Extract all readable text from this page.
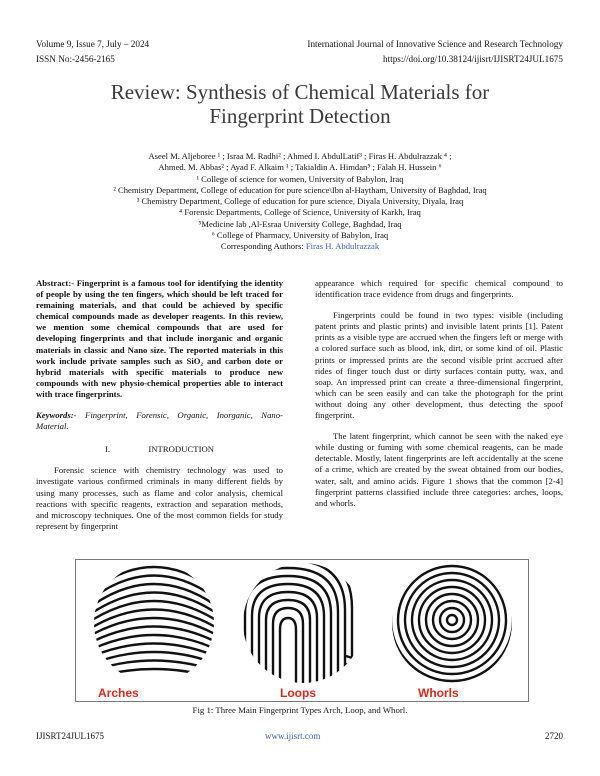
Volume 9, Issue 7, July – 2024	International Journal of Innovative Science and Research Technology
ISSN No:-2456-2165	https://doi.org/10.38124/ijisrt/IJISRT24JUL1675
Review: Synthesis of Chemical Materials for
Fingerprint Detection
Aseel M. Aljeboree ¹ ; Israa M. Radhi² ; Ahmed I. AbdulLatif³ ; Firas H. Abdulrazzak ⁴ ;
Ahmed. M. Abbas² ; Ayad F. Alkaim ¹ ; Takialdin A. Himdan⁵ ; Falah H. Hussein ⁶
¹ College of science for women, University of Babylon, Iraq
² Chemistry Department, College of education for pure science\Ibn al-Haytham, University of Baghdad, Iraq
³ Chemistry Department, College of education for pure science, Diyala University, Diyala, Iraq
⁴ Forensic Departments, College of Science, University of Karkh, Iraq
⁵Medicine lab ,Al-Esraa University College, Baghdad, Iraq
⁶ College of Pharmacy, University of Babylon, Iraq
Corresponding Authors: Firas H. Abdulrazzak

Abstract:- Fingerprint is a famous tool for identifying the identity of people by using the ten fingers, which should be left traced for remaining materials, and that could be achieved by specific chemical compounds made as developer reagents. In this review, we mention some chemical compounds that are used for developing fingerprints and that include inorganic and organic materials in classic and Nano size. The reported materials in this work include private samples such as SiO₂ and carbon dote or hybrid materials with specific materials to produce new compounds with new physio-chemical properties able to interact with trace fingerprints.

Keywords:- Fingerprint, Forensic, Organic, Inorganic, Nano-Material.

I.	INTRODUCTION

Forensic science with chemistry technology was used to investigate various confirmed criminals in many different fields by using many processes, such as flame and color analysis, chemical reactions with specific reagents, extraction and separation methods, and microscopy techniques. One of the most common fields for study represent by fingerprint

appearance which required for specific chemical compound to identification trace evidence from drugs and fingerprints.

Fingerprints could be found in two types: visible (including patent prints and plastic prints) and invisible latent prints [1]. Patent prints as a visible type are accrued when the fingers left or merge with a colored surface such as blood, ink, dirt, or some kind of oil. Plastic prints or impressed prints are the second visible print accrued after rides of finger touch dust or dirty surfaces contain putty, wax, and soap. An impressed print can create a three-dimensional fingerprint, which can be seen easily and can take the photograph for the print without doing any other development, thus detecting the spoof fingerprint.

The latent fingerprint, which cannot be seen with the naked eye while dusting or fuming with some chemical reagents, can be made detectable. Mostly, latent fingerprints are left accidentally at the scene of a crime, which are created by the sweat obtained from our bodies, water, salt, and amino acids. Figure 1 shows that the common [2-4] fingerprint patterns classified include three categories: arches, loops, and whorls.

Arches	Loops	Whorls
Fig 1: Three Main Fingerprint Types Arch, Loop, and Whorl.
IJISRT24JUL1675	www.ijisrt.com	2720
